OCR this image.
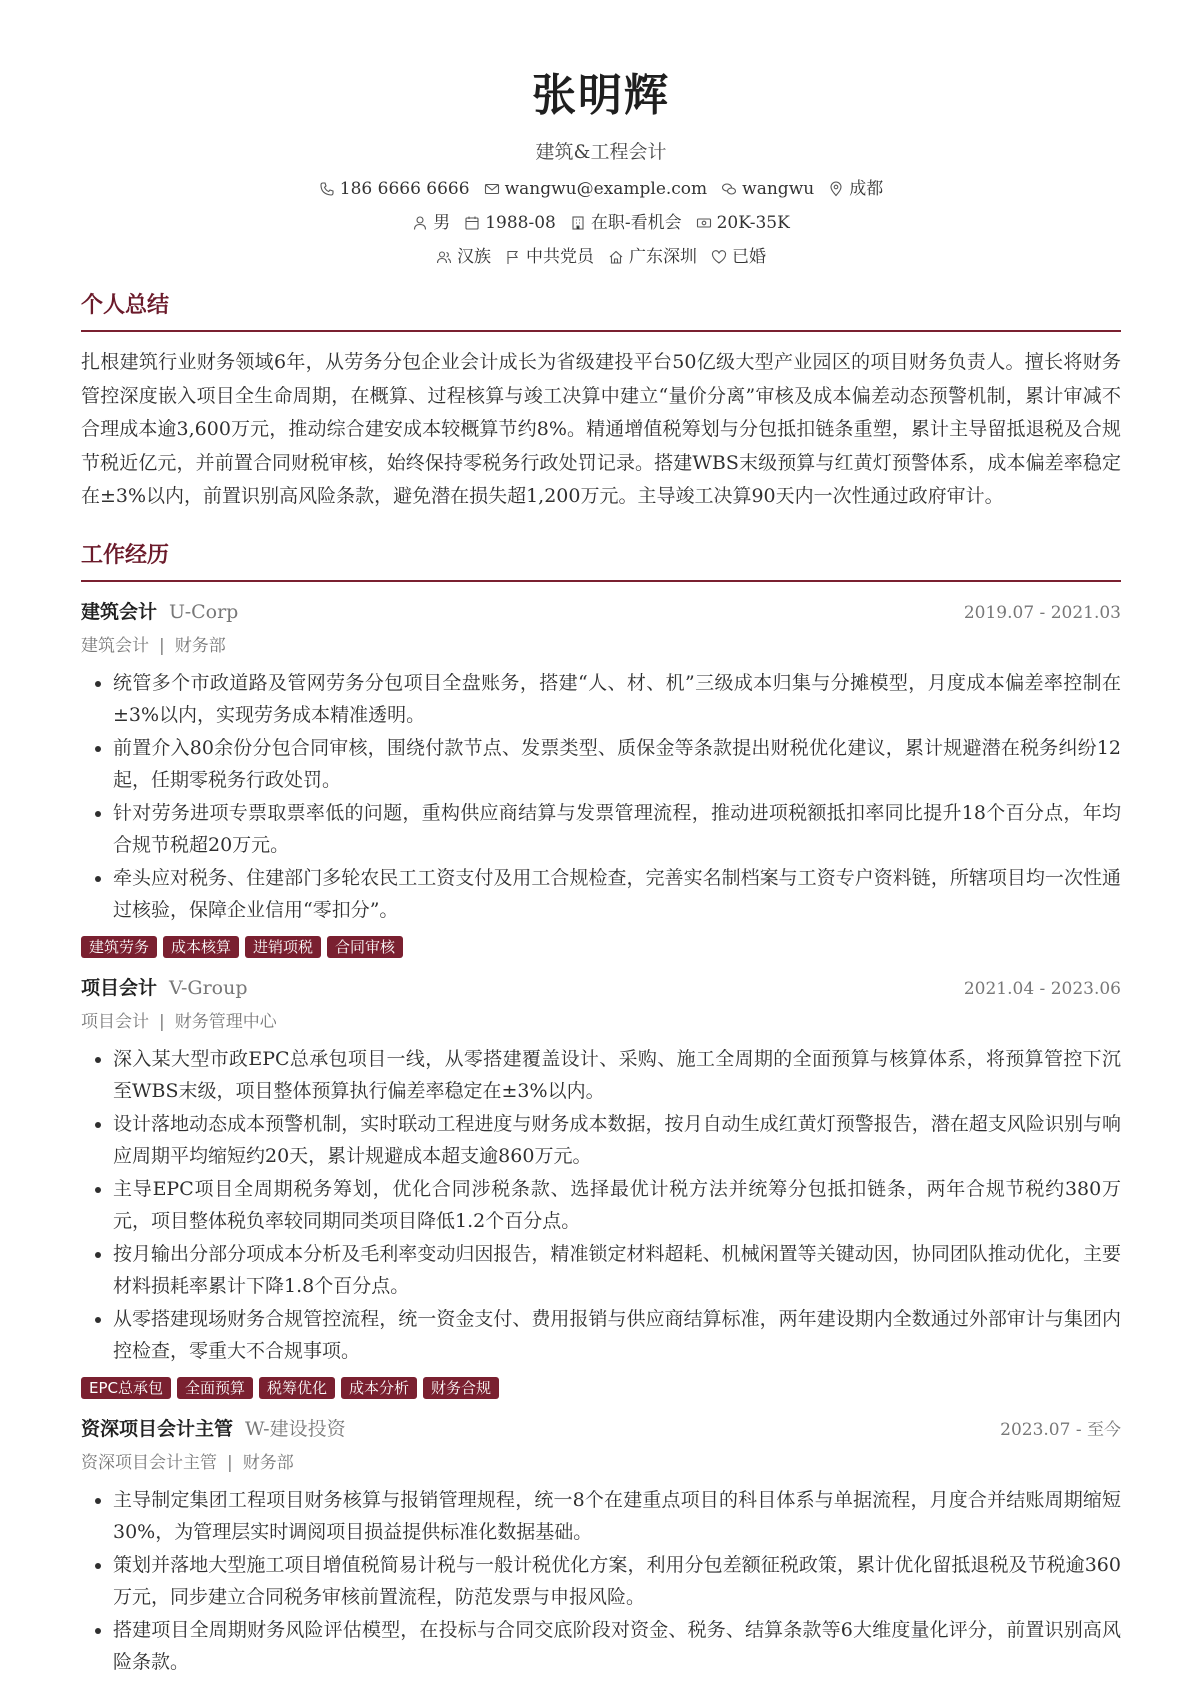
张明辉
建筑&工程会计
186 6666 6666 wangwu@example.com wangwu 成都
男 1988-08 在职-看机会 20K-35K
汉族 中共党员 广东深圳 已婚
个人总结

扎根建筑行业财务领域6年，从劳务分包企业会计成长为省级建投平台50亿级大型产业园区的项目财务负责人。擅长将财务管控深度嵌入项目全生命周期，在概算、过程核算与竣工决算中建立“量价分离”审核及成本偏差动态预警机制，累计审减不合理成本逾3,600万元，推动综合建安成本较概算节约8%。精通增值税筹划与分包抵扣链条重塑，累计主导留抵退税及合规节税近亿元，并前置合同财税审核，始终保持零税务行政处罚记录。搭建WBS末级预算与红黄灯预警体系，成本偏差率稳定在±3%以内，前置识别高风险条款，避免潜在损失超1,200万元。主导竣工决算90天内一次性通过政府审计。

工作经历
建筑会计 U-Corp	2019.07 - 2021.03
建筑会计 | 财务部
• 统管多个市政道路及管网劳务分包项目全盘账务，搭建“人、材、机”三级成本归集与分摊模型，月度成本偏差率控制在±3%以内，实现劳务成本精准透明。
• 前置介入80余份分包合同审核，围绕付款节点、发票类型、质保金等条款提出财税优化建议，累计规避潜在税务纠纷12起，任期零税务行政处罚。
• 针对劳务进项专票取票率低的问题，重构供应商结算与发票管理流程，推动进项税额抵扣率同比提升18个百分点，年均合规节税超20万元。
• 牵头应对税务、住建部门多轮农民工工资支付及用工合规检查，完善实名制档案与工资专户资料链，所辖项目均一次性通过核验，保障企业信用“零扣分”。
建筑劳务	成本核算	进销项税	合同审核
项目会计 V-Group	2021.04 - 2023.06
项目会计 | 财务管理中心
• 深入某大型市政EPC总承包项目一线，从零搭建覆盖设计、采购、施工全周期的全面预算与核算体系，将预算管控下沉至WBS末级，项目整体预算执行偏差率稳定在±3%以内。
• 设计落地动态成本预警机制，实时联动工程进度与财务成本数据，按月自动生成红黄灯预警报告，潜在超支风险识别与响应周期平均缩短约20天，累计规避成本超支逾860万元。
• 主导EPC项目全周期税务筹划，优化合同涉税条款、选择最优计税方法并统筹分包抵扣链条，两年合规节税约380万元，项目整体税负率较同期同类项目降低1.2个百分点。
• 按月输出分部分项成本分析及毛利率变动归因报告，精准锁定材料超耗、机械闲置等关键动因，协同团队推动优化，主要材料损耗率累计下降1.8个百分点。
• 从零搭建现场财务合规管控流程，统一资金支付、费用报销与供应商结算标准，两年建设期内全数通过外部审计与集团内控检查，零重大不合规事项。
EPC总承包	全面预算	税筹优化	成本分析	财务合规
资深项目会计主管 W-建设投资	2023.07 - 至今
资深项目会计主管 | 财务部
• 主导制定集团工程项目财务核算与报销管理规程，统一8个在建重点项目的科目体系与单据流程，月度合并结账周期缩短30%，为管理层实时调阅项目损益提供标准化数据基础。
• 策划并落地大型施工项目增值税简易计税与一般计税优化方案，利用分包差额征税政策，累计优化留抵退税及节税逾360万元，同步建立合同税务审核前置流程，防范发票与申报风险。
• 搭建项目全周期财务风险评估模型，在投标与合同交底阶段对资金、税务、结算条款等6大维度量化评分，前置识别高风险条款。
